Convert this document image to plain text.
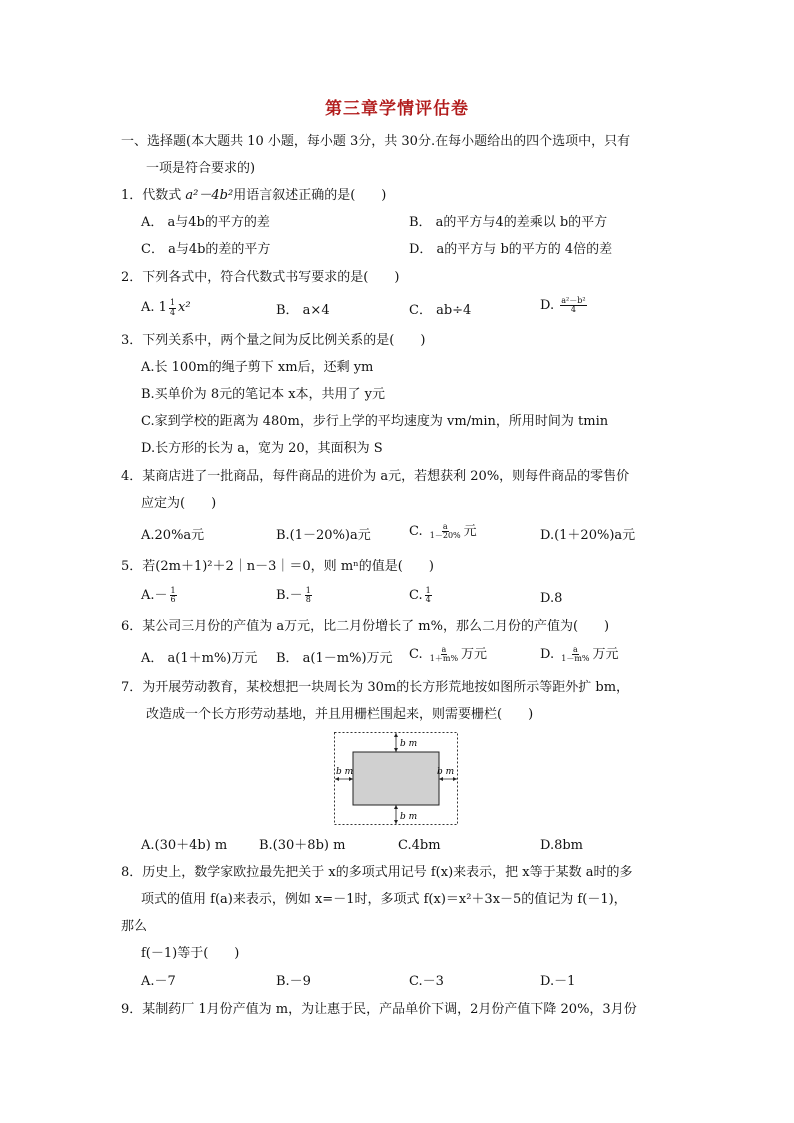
第三章学情评估卷
一、选择题(本大题共 10 小题，每小题 3分，共 30分.在每小题给出的四个选项中，只有
一项是符合要求的)
1．代数式 a²－4b²用语言叙述正确的是(　　)
A． a与4b的平方的差	B． a的平方与4的差乘以 b的平方
C． a与4b的差的平方	D． a的平方与 b的平方的 4倍的差
2．下列各式中，符合代数式书写要求的是(　　)
A. $1 \frac{1}{4} x^2$	B． a×4	C． ab÷4	D. $\frac{\text{a²－b²}}{4}$
3．下列关系中，两个量之间为反比例关系的是(　　)
A.长 100m的绳子剪下 xm后，还剩 ym
B.买单价为 8元的笔记本 x本，共用了 y元
C.家到学校的距离为 480m，步行上学的平均速度为 vm/min，所用时间为 tmin
D.长方形的长为 a，宽为 20，其面积为 S
4．某商店进了一批商品，每件商品的进价为 a元，若想获利 20%，则每件商品的零售价
应定为(　　)
A.20%a元	B.(1－20%)a元	C. $\frac{a}{1-20\%}$ 元	D.(1＋20%)a元
5．若(2m＋1)²＋2｜n－3｜＝0，则 mⁿ的值是(　　)
$A.- \frac{1}{6}$	$B.- \frac{1}{8}$	C. $\frac{1}{4}$	D.8
6．某公司三月份的产值为 a万元，比二月份增长了 m%，那么二月份的产值为(　　)
A． a(1＋m%)万元 B． a(1－m%)万元 C. $\frac{a}{1+m\%}$ 万元	D. $\frac{a}{1-m\%}$ 万元
7．为开展劳动教育，某校想把一块周长为 30m的长方形荒地按如图所示等距外扩 bm，
改造成一个长方形劳动基地，并且用栅栏围起来，则需要栅栏(　　)
b m
b m
b m	b m
A.(30＋4b) m B.(30＋8b) m	C.4bm	D.8bm
8．历史上，数学家欧拉最先把关于 x的多项式用记号 f(x)来表示，把 x等于某数 a时的多
项式的值用 f(a)来表示，例如 x=－1时，多项式 f(x)＝x²＋3x－5的值记为 f(－1)，
那么
f(－1)等于(　　)
A.－7	B.－9	C.－3	D.－1
9．某制药厂 1月份产值为 m，为让惠于民，产品单价下调，2月份产值下降 20%，3月份
